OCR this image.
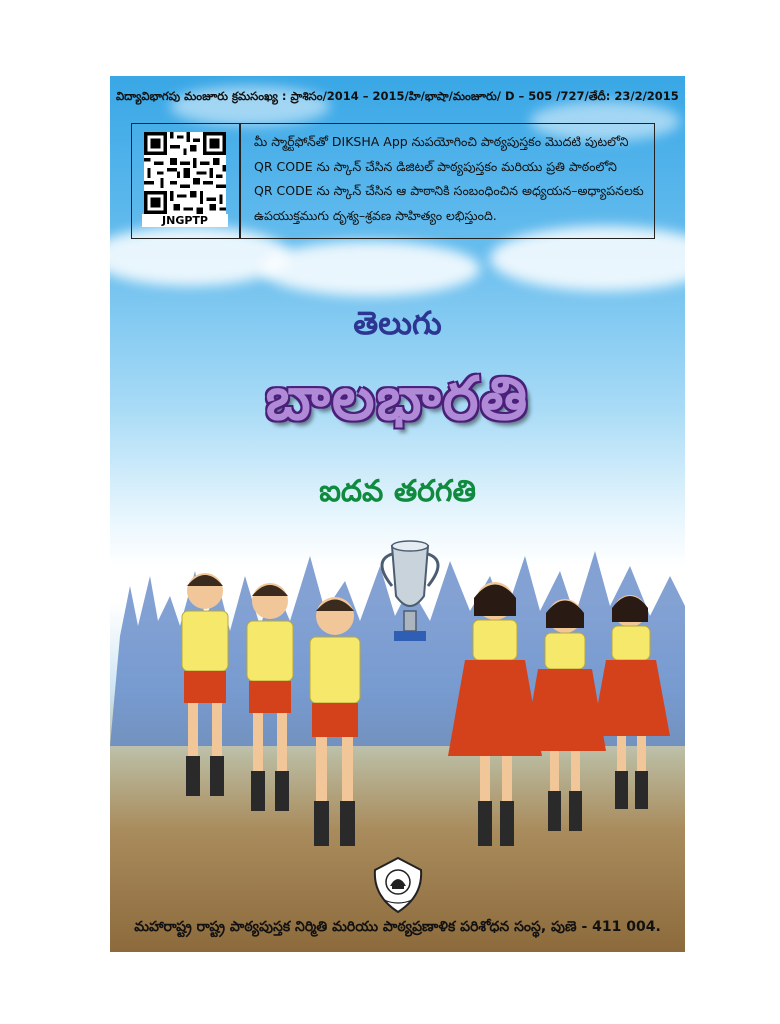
విద్యావిభాగపు మంజూరు క్రమసంఖ్య : ప్రాశిసం/2014 – 2015/హి/భాషా/మంజూరు/ D – 505 /727/తేదీ: 23/2/2015
JNGPTP
మీ స్మార్ట్‌ఫోన్‌తో DIKSHA App నుపయోగించి పాఠ్యపుస్తకం మొదటి పుటలోని
QR CODE ను స్కాన్ చేసిన డిజిటల్ పాఠ్యపుస్తకం మరియు ప్రతి పాఠంలోని
QR CODE ను స్కాన్ చేసిన ఆ పాఠానికి సంబంధించిన అధ్యయన–అధ్యాపనలకు
ఉపయుక్తముగు దృశ్య–శ్రవణ సాహిత్యం లభిస్తుంది.
తెలుగు
బాలభారతి
ఐదవ తరగతి
మహారాష్ట్ర రాష్ట్ర పాఠ్యపుస్తక నిర్మితి మరియు పాఠ్యప్రణాళిక పరిశోధన సంస్థ, పుణె - 411 004.
